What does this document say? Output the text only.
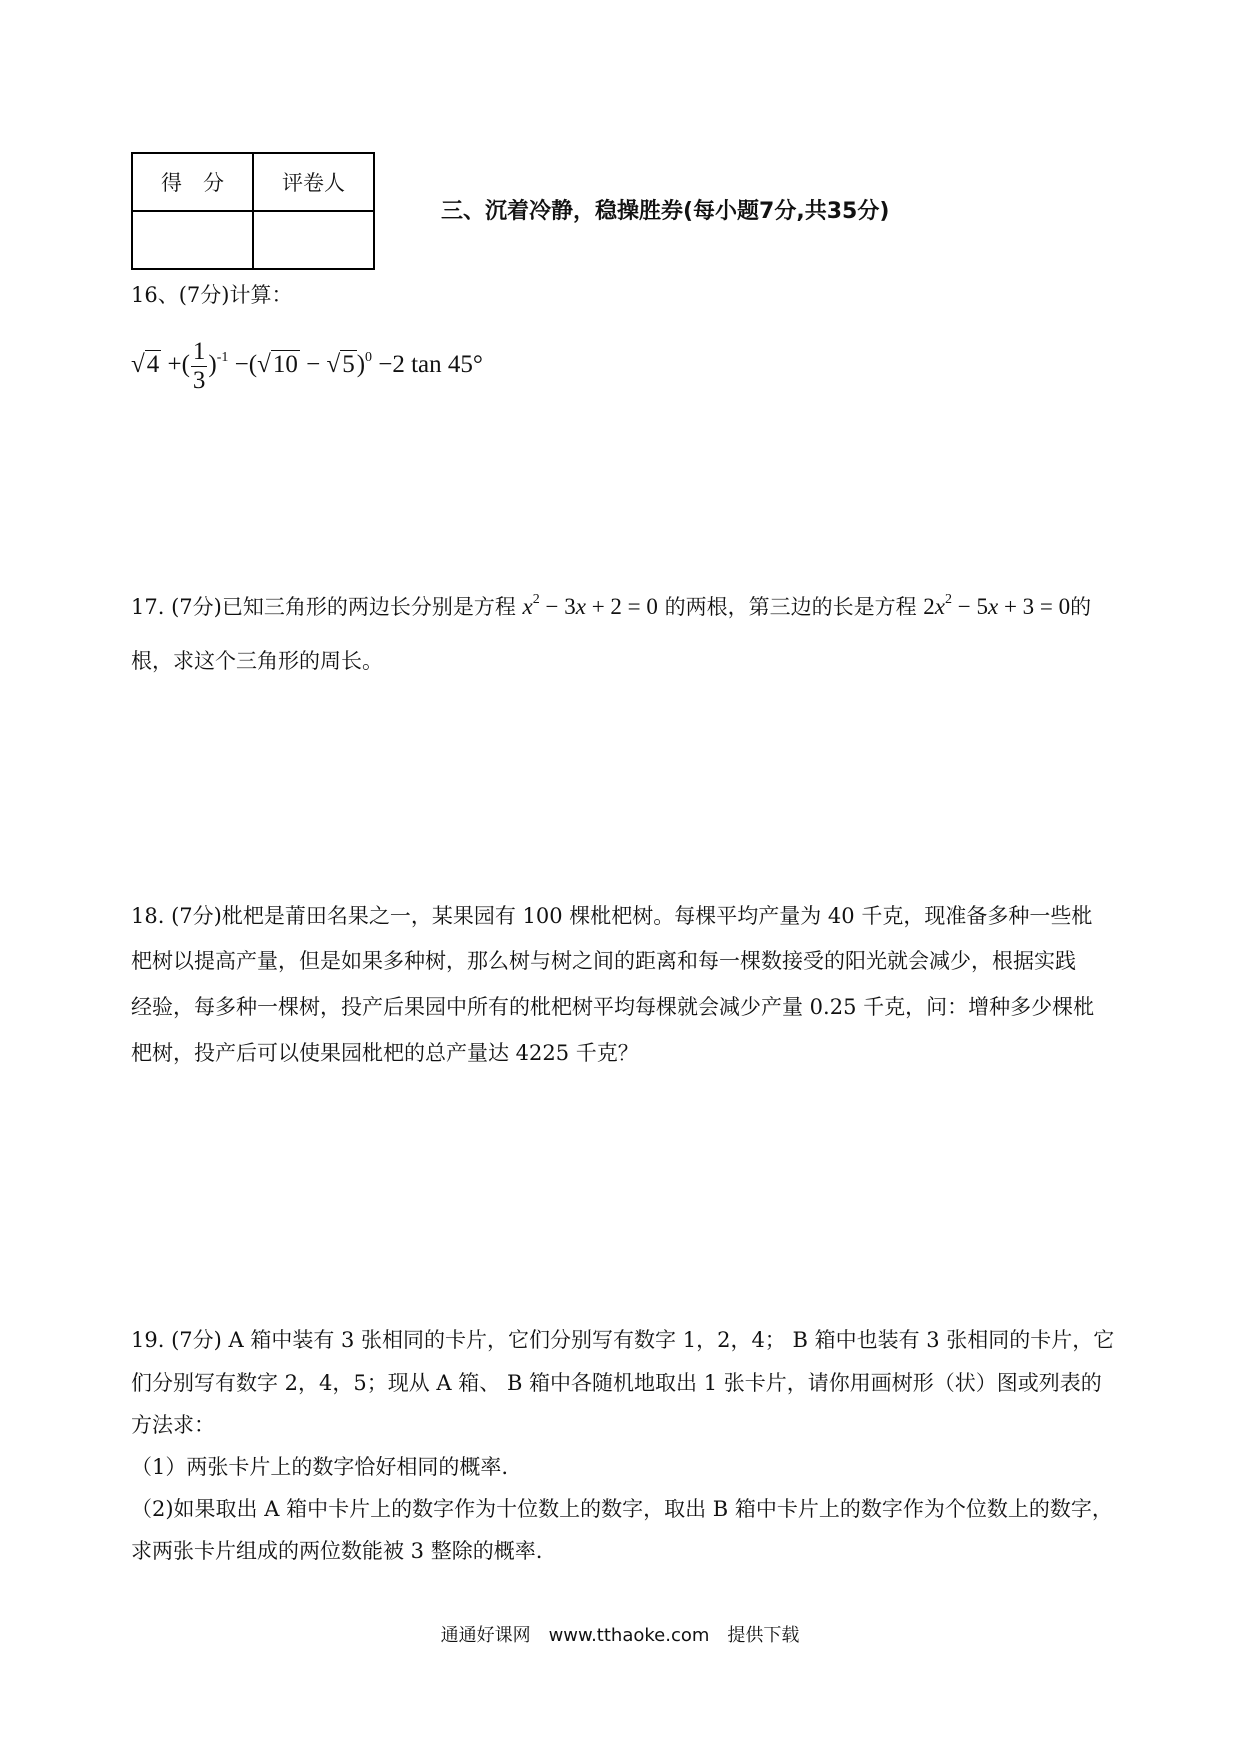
得　分	评卷人

三、沉着冷静，稳操胜券(每小题7分,共35分)
16、(7分)计算：
√4 +( $\frac{1}{3} )^{-1} -(√10 - √5)^0 -2$ tan 45°
17. (7分)已知三角形的两边长分别是方程 $x^2 - 3x + 2 = 0$ 的两根，第三边的长是方程 $2x^2 - 5x + 3 = 0$的
根，求这个三角形的周长。
18. (7分)枇杷是莆田名果之一，某果园有 100 棵枇杷树。每棵平均产量为 40 千克，现准备多种一些枇
杷树以提高产量，但是如果多种树，那么树与树之间的距离和每一棵数接受的阳光就会减少，根据实践
经验，每多种一棵树，投产后果园中所有的枇杷树平均每棵就会减少产量 0.25 千克，问：增种多少棵枇
杷树，投产后可以使果园枇杷的总产量达 4225 千克？
19. (7分) A 箱中装有 3 张相同的卡片，它们分别写有数字 1，2，4； B 箱中也装有 3 张相同的卡片，它
们分别写有数字 2，4，5；现从 A 箱、 B 箱中各随机地取出 1 张卡片，请你用画树形（状）图或列表的
方法求：
（1）两张卡片上的数字恰好相同的概率.
（2)如果取出 A 箱中卡片上的数字作为十位数上的数字，取出 B 箱中卡片上的数字作为个位数上的数字，
求两张卡片组成的两位数能被 3 整除的概率.
通通好课网　www.tthaoke.com　提供下载
